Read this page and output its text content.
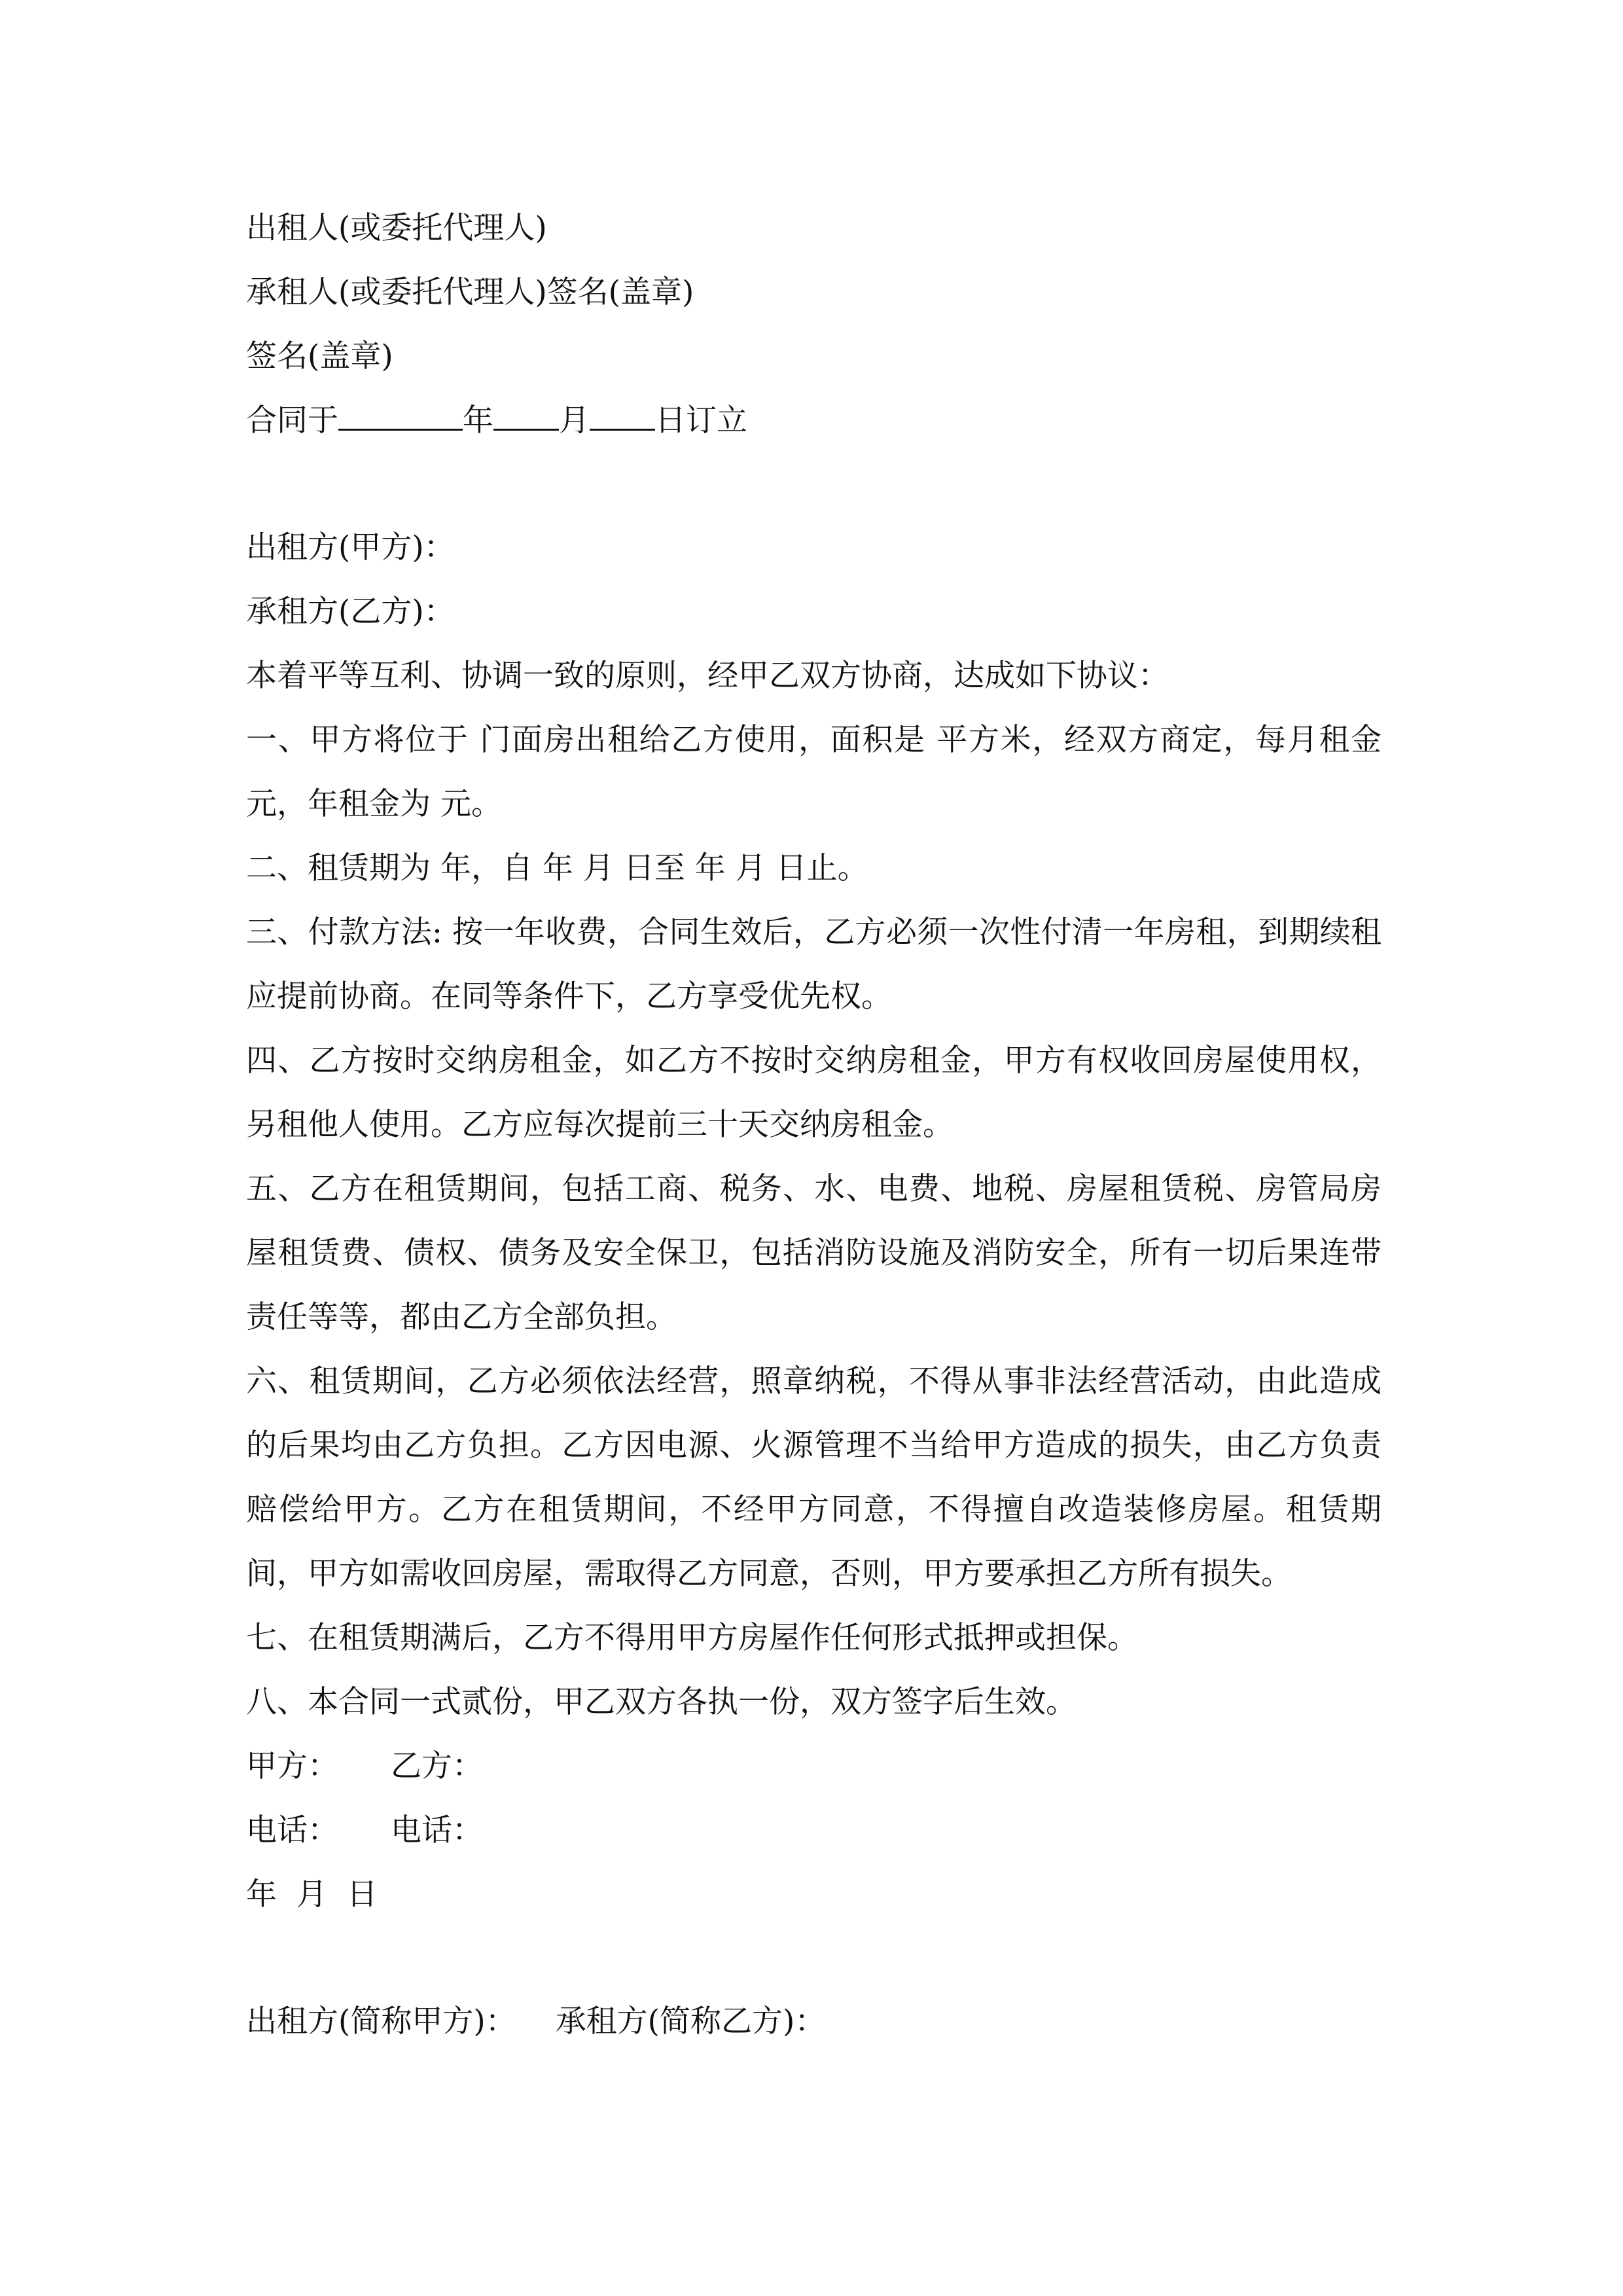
出租人(或委托代理人)
承租人(或委托代理人)签名(盖章)
签名(盖章)
合同于	年 月 日订立
出租方(甲方)：
承租方(乙方)：
本着平等互利、协调一致的原则，经甲乙双方协商，达成如下协议：
一、甲方将位于 门面房出租给乙方使用，面积是 平方米，经双方商定，每月租金 元，年租金为 元。
二、租赁期为 年，自 年 月 日至 年 月 日止。
三、付款方法: 按一年收费，合同生效后，乙方必须一次性付清一年房租，到期续租应提前协商。在同等条件下，乙方享受优先权。
四、乙方按时交纳房租金，如乙方不按时交纳房租金，甲方有权收回房屋使用权，另租他人使用。乙方应每次提前三十天交纳房租金。
五、乙方在租赁期间，包括工商、税务、水、电费、地税、房屋租赁税、房管局房屋租赁费、债权、债务及安全保卫，包括消防设施及消防安全，所有一切后果连带责任等等，都由乙方全部负担。
六、租赁期间，乙方必须依法经营，照章纳税，不得从事非法经营活动，由此造成的后果均由乙方负担。乙方因电源、火源管理不当给甲方造成的损失，由乙方负责赔偿给甲方。乙方在租赁期间，不经甲方同意，不得擅自改造装修房屋。租赁期间，甲方如需收回房屋，需取得乙方同意，否则，甲方要承担乙方所有损失。
七、在租赁期满后，乙方不得用甲方房屋作任何形式抵押或担保。
八、本合同一式贰份，甲乙双方各执一份，双方签字后生效。
甲方： 乙方：
电话： 电话：
年  月  日
出租方(简称甲方)： 承租方(简称乙方)：
